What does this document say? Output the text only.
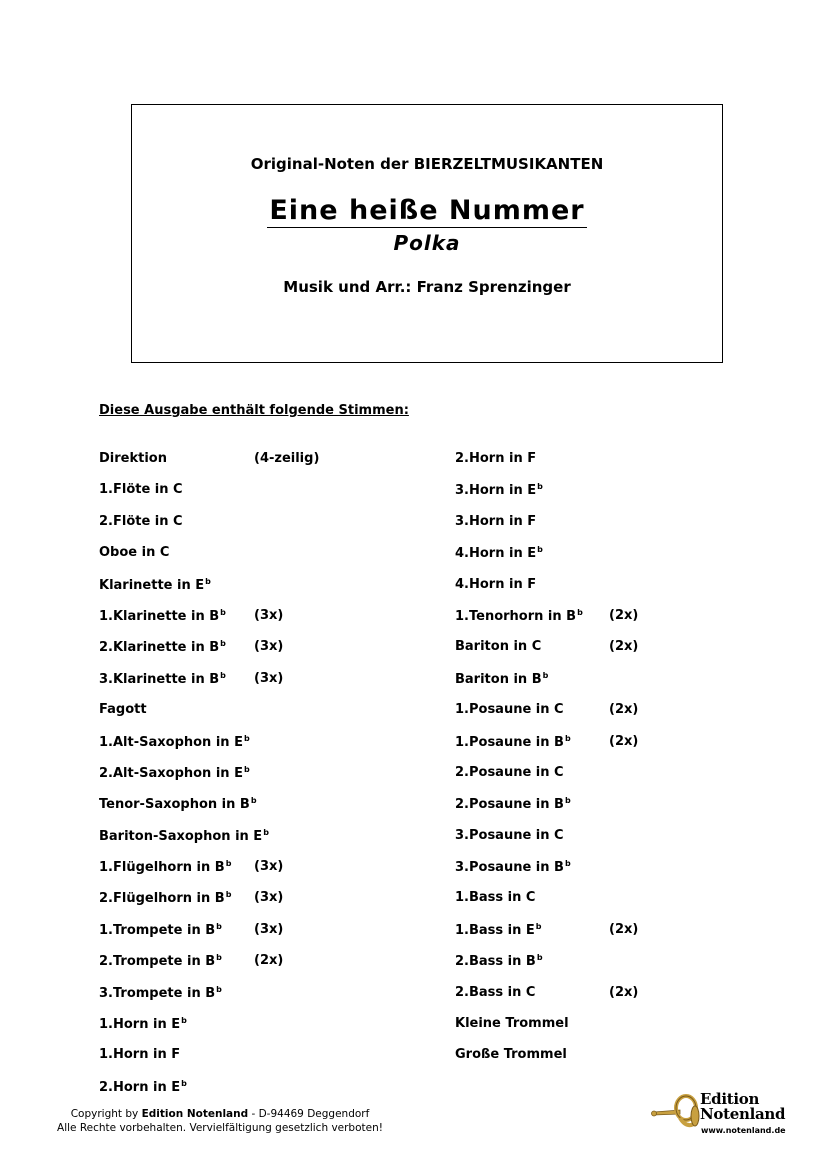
Original-Noten der BIERZELTMUSIKANTEN
Eine heiße Nummer
Polka
Musik und Arr.: Franz Sprenzinger
Diese Ausgabe enthält folgende Stimmen:
Direktion	(4-zeilig)
1.Flöte in C
2.Flöte in C
Oboe in C
Klarinette in $E^b$
1.Klarinette in $B^b$ (3x)
2.Klarinette in $B^b$ (3x)
3.Klarinette in $B^b$ (3x)
Fagott
1.Alt-Saxophon in $E^b$
2.Alt-Saxophon in $E^b$
Tenor-Saxophon in $B^b$
Bariton-Saxophon in $E^b$
1.Flügelhorn in $B^b$ (3x)
2.Flügelhorn in $B^b$ (3x)
1.Trompete in $B^b$ (3x)
2.Trompete in $B^b$ (2x)
3.Trompete in $B^b$
1.Horn in $E^b$
1.Horn in F
2.Horn in $E^b$
2.Horn in F
3.Horn in $E^b$
3.Horn in F
4.Horn in $E^b$
4.Horn in F
1.Tenorhorn in $B^b$ (2x)
Bariton in C	(2x)
Bariton in $B^b$
1.Posaune in C	(2x)
1.Posaune in $B^b$	(2x)
2.Posaune in C
2.Posaune in $B^b$
3.Posaune in C
3.Posaune in $B^b$
1.Bass in C
1.Bass in $E^b$	(2x)
2.Bass in $B^b$
2.Bass in C	(2x)
Kleine Trommel
Große Trommel
Copyright by Edition Notenland - D-94469 Deggendorf
Alle Rechte vorbehalten. Vervielfältigung gesetzlich verboten!
Edition
Notenland
www.notenland.de
